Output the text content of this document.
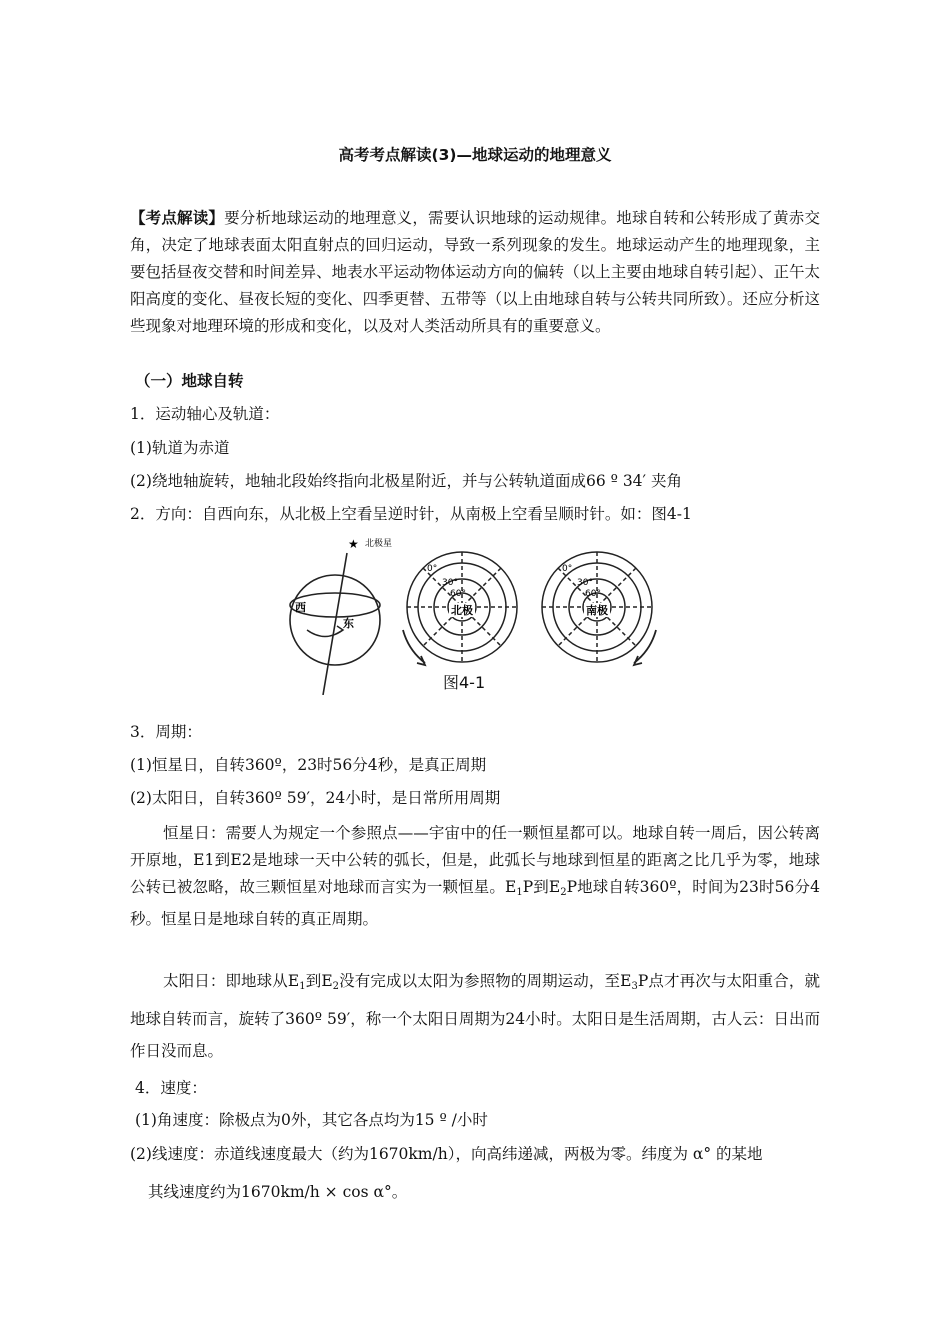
高考考点解读(3)—地球运动的地理意义
【考点解读】要分析地球运动的地理意义，需要认识地球的运动规律。地球自转和公转形成了黄赤交角，决定了地球表面太阳直射点的回归运动，导致一系列现象的发生。地球运动产生的地理现象，主要包括昼夜交替和时间差异、地表水平运动物体运动方向的偏转（以上主要由地球自转引起）、正午太阳高度的变化、昼夜长短的变化、四季更替、五带等（以上由地球自转与公转共同所致）。还应分析这些现象对地理环境的形成和变化，以及对人类活动所具有的重要意义。
（一）地球自转
1．运动轴心及轨道：
(1)轨道为赤道
(2)绕地轴旋转，地轴北段始终指向北极星附近，并与公转轨道面成66 º 34′ 夹角
2．方向：自西向东，从北极上空看呈逆时针，从南极上空看呈顺时针。如：图4-1
★ 北极星
西
东
0°
30°
60°
北极
0°
30°
60°
南极
图4-1
3．周期：
(1)恒星日，自转360º，23时56分4秒，是真正周期
(2)太阳日，自转360º 59′，24小时，是日常所用周期
恒星日：需要人为规定一个参照点——宇宙中的任一颗恒星都可以。地球自转一周后，因公转离开原地，E1到E2是地球一天中公转的弧长，但是，此弧长与地球到恒星的距离之比几乎为零，地球公转已被忽略，故三颗恒星对地球而言实为一颗恒星。$E_1P$到$E_2P$地球自转360º，时间为23时56分4秒。恒星日是地球自转的真正周期。
太阳日：即地球从$E_1$到$E_2$没有完成以太阳为参照物的周期运动，至$E_3P$点才再次与太阳重合，就地球自转而言，旋转了360º 59′，称一个太阳日周期为24小时。太阳日是生活周期，古人云：日出而作日没而息。
4．速度：
(1)角速度：除极点为0外，其它各点均为15 º /小时
(2)线速度：赤道线速度最大（约为1670km/h），向高纬递减，两极为零。纬度为 α° 的某地
其线速度约为1670km/h × cos α°。
